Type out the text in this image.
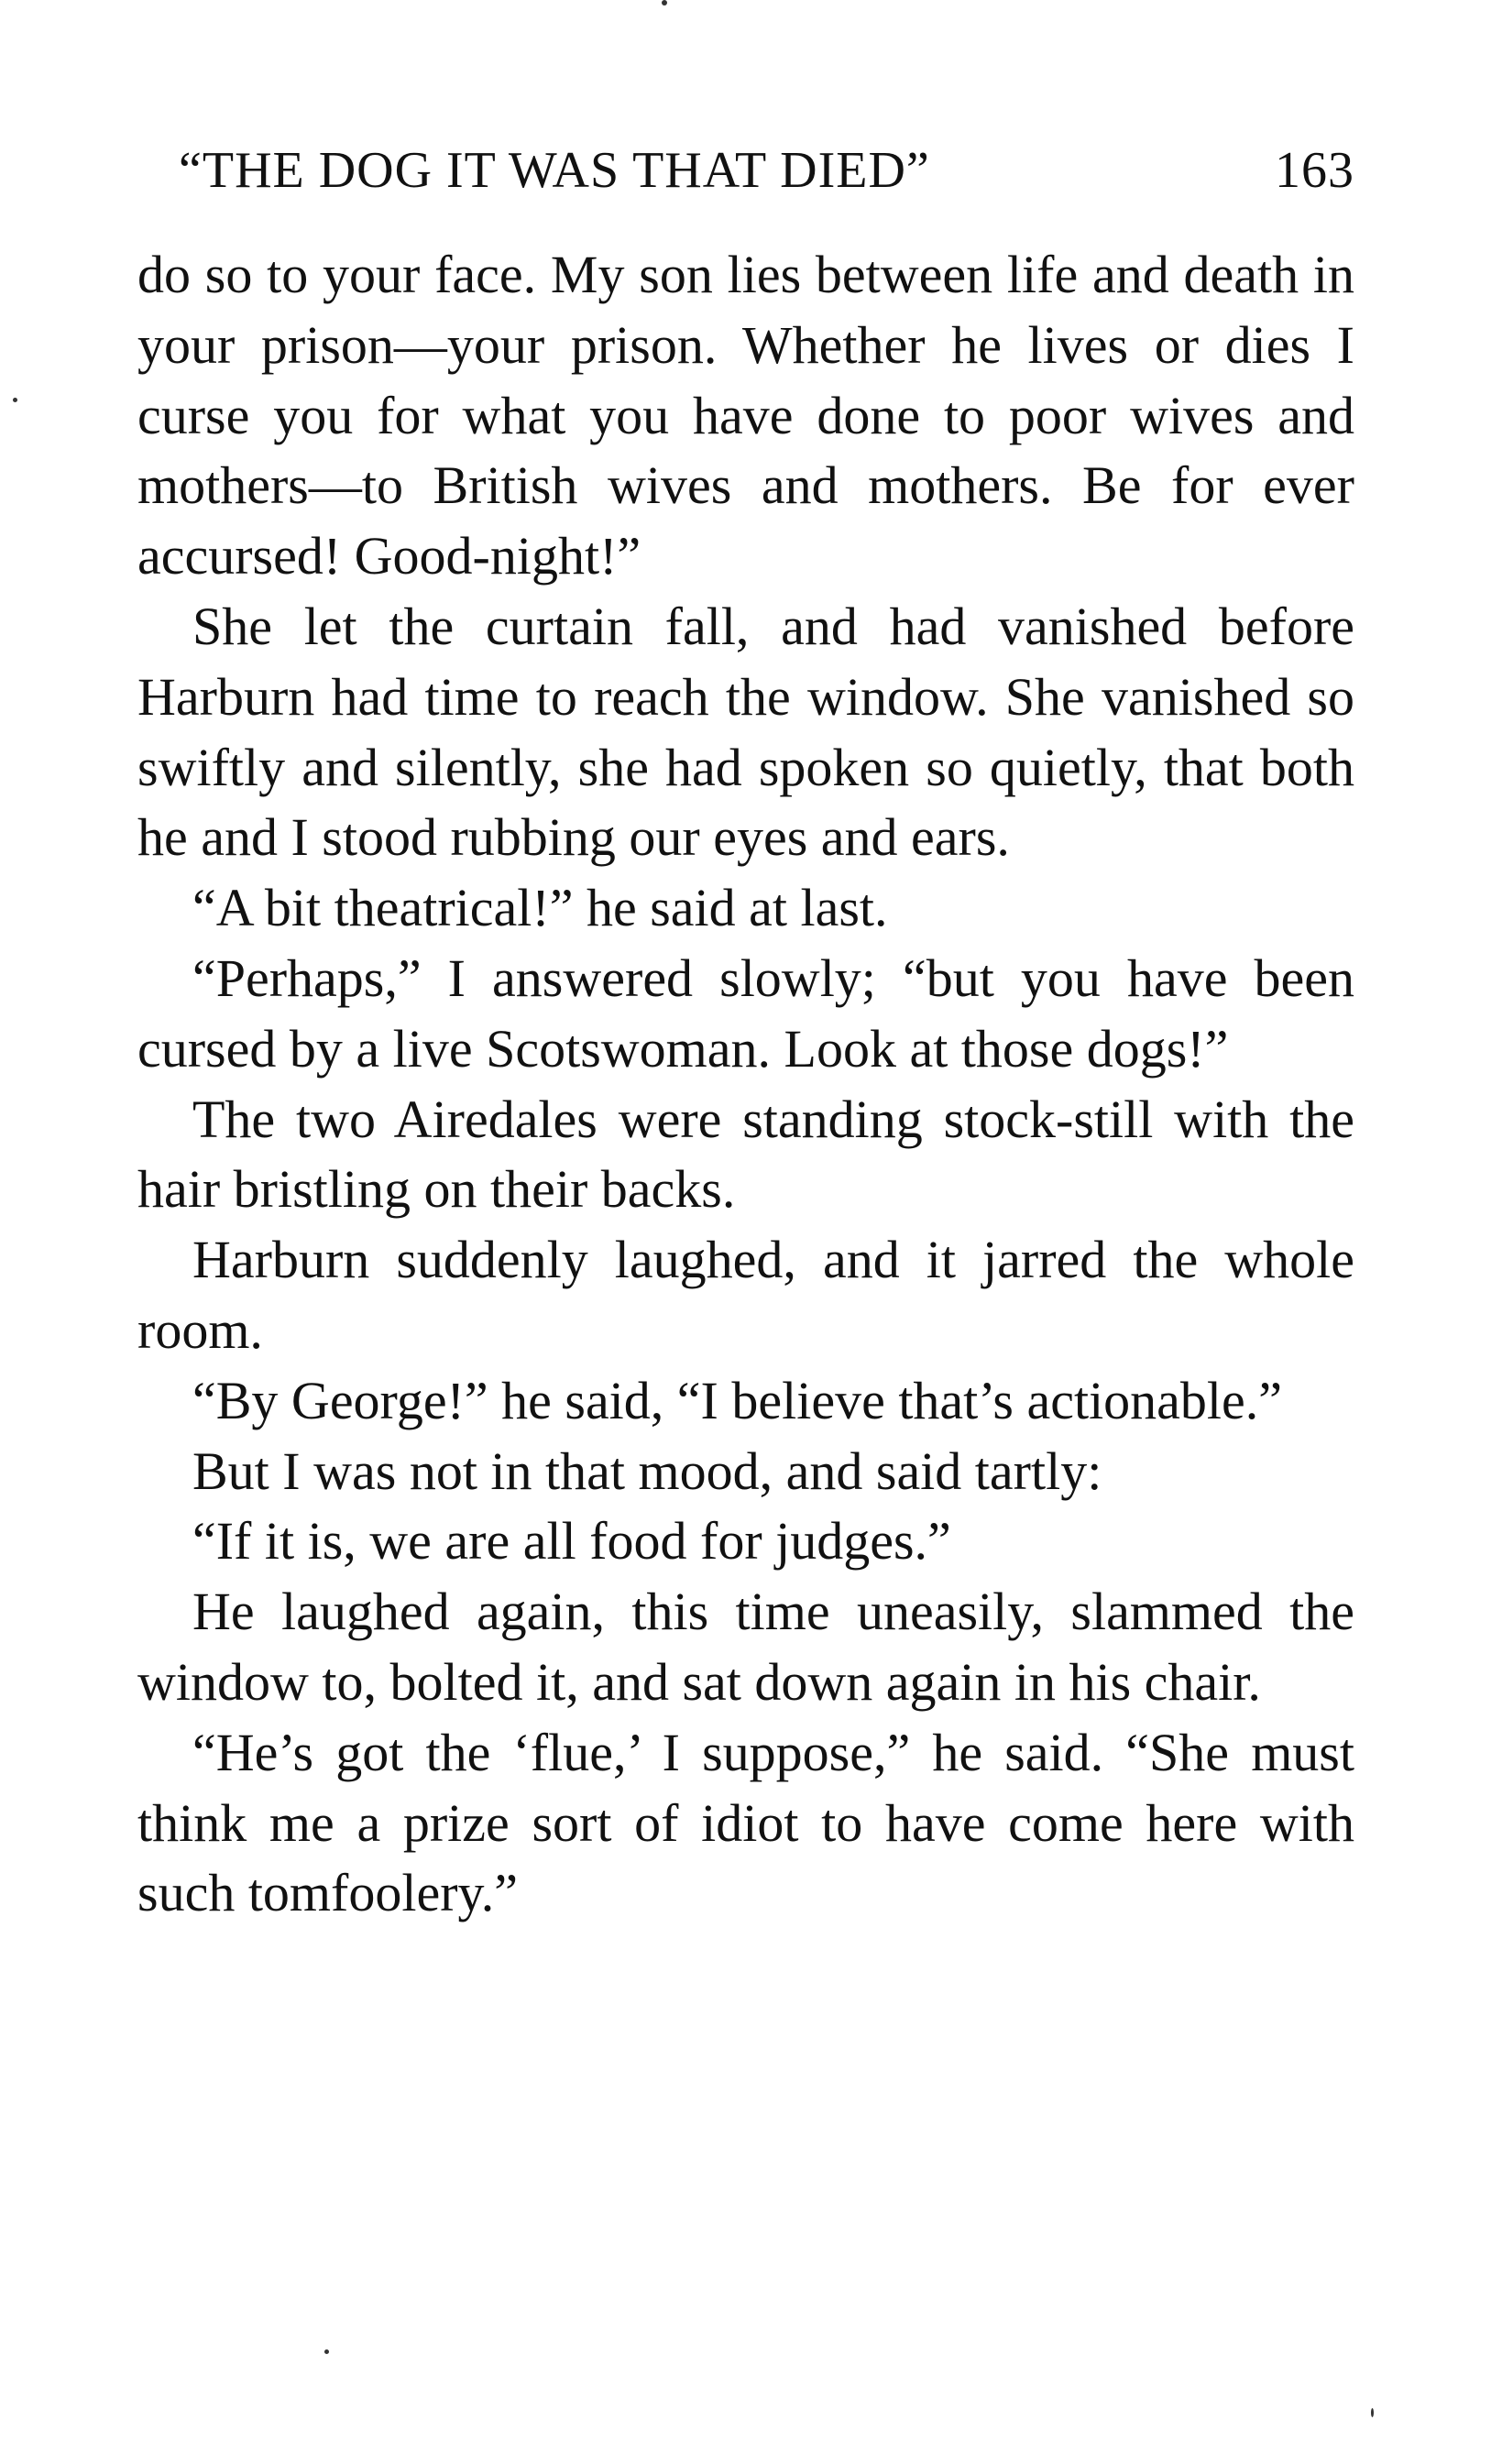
“THE DOG IT WAS THAT DIED”	163

do so to your face. My son lies between life and death in your prison—your prison. Whether he lives or dies I curse you for what you have done to poor wives and mothers—to British wives and mothers. Be for ever accursed! Good-night!”

She let the curtain fall, and had vanished before Harburn had time to reach the window. She vanished so swiftly and silently, she had spoken so quietly, that both he and I stood rubbing our eyes and ears.

“A bit theatrical!” he said at last.

“Perhaps,” I answered slowly; “but you have been cursed by a live Scotswoman. Look at those dogs!”

The two Airedales were standing stock-still with the hair bristling on their backs.

Harburn suddenly laughed, and it jarred the whole room.

“By George!” he said, “I believe that’s actionable.”

But I was not in that mood, and said tartly:

“If it is, we are all food for judges.”

He laughed again, this time uneasily, slammed the window to, bolted it, and sat down again in his chair.

“He’s got the ‘flue,’ I suppose,” he said. “She must think me a prize sort of idiot to have come here with such tomfoolery.”
